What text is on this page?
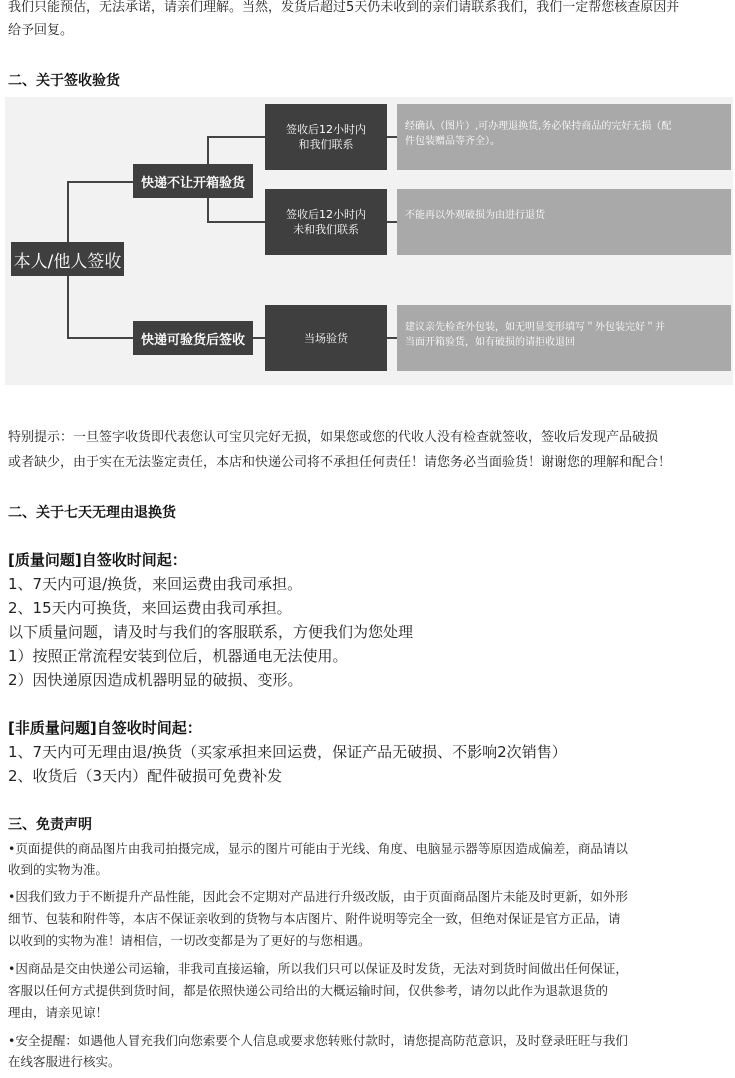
我们只能预估，无法承诺，请亲们理解。当然，发货后超过5天仍未收到的亲们请联系我们，我们一定帮您核查原因并
给予回复。
二、关于签收验货
本人/他人签收
快递不让开箱验货
快递可验货后签收
签收后12小时内
和我们联系
签收后12小时内
未和我们联系
当场验货
经确认（图片）,可办理退换货,务必保持商品的完好无损（配
件包装赠品等齐全）。
不能再以外观破损为由进行退货
建议亲先检查外包装，如无明显变形填写＂外包装完好＂并
当面开箱验货，如有破损的请拒收退回
特别提示：一旦签字收货即代表您认可宝贝完好无损，如果您或您的代收人没有检查就签收，签收后发现产品破损
或者缺少，由于实在无法鉴定责任，本店和快递公司将不承担任何责任！请您务必当面验货！谢谢您的理解和配合！
二、关于七天无理由退换货
[质量问题]自签收时间起：
1、7天内可退/换货，来回运费由我司承担。
2、15天内可换货，来回运费由我司承担。
以下质量问题，请及时与我们的客服联系，方便我们为您处理
1）按照正常流程安装到位后，机器通电无法使用。
2）因快递原因造成机器明显的破损、变形。
[非质量问题]自签收时间起：
1、7天内可无理由退/换货（买家承担来回运费，保证产品无破损、不影响2次销售）
2、收货后（3天内）配件破损可免费补发
三、免责声明
•页面提供的商品图片由我司拍摄完成，显示的图片可能由于光线、角度、电脑显示器等原因造成偏差，商品请以
收到的实物为准。
•因我们致力于不断提升产品性能，因此会不定期对产品进行升级改版，由于页面商品图片未能及时更新，如外形
细节、包装和附件等，本店不保证亲收到的货物与本店图片、附件说明等完全一致，但绝对保证是官方正品，请
以收到的实物为准！请相信，一切改变都是为了更好的与您相遇。
•因商品是交由快递公司运输，非我司直接运输，所以我们只可以保证及时发货，无法对到货时间做出任何保证，
客服以任何方式提供到货时间，都是依照快递公司给出的大概运输时间，仅供参考，请勿以此作为退款退货的
理由，请亲见谅！
•安全提醒：如遇他人冒充我们向您索要个人信息或要求您转账付款时，请您提高防范意识，及时登录旺旺与我们
在线客服进行核实。
